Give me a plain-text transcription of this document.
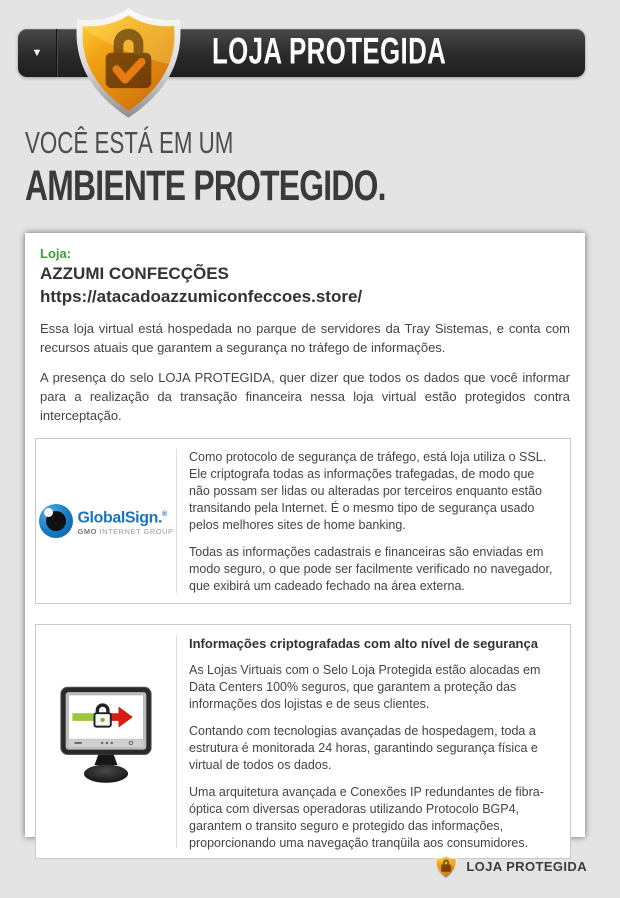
▼	LOJA PROTEGIDA
VOCÊ ESTÁ EM UM
AMBIENTE PROTEGIDO.
Loja:
AZZUMI CONFECÇÕES
https://atacadoazzumiconfeccoes.store/

Essa loja virtual está hospedada no parque de servidores da Tray Sistemas, e conta com recursos atuais que garantem a segurança no tráfego de informações.

A presença do selo LOJA PROTEGIDA, quer dizer que todos os dados que você informar para a realização da transação financeira nessa loja virtual estão protegidos contra interceptação.

GlobalSign.®
GMO INTERNET GROUP

Como protocolo de segurança de tráfego, está loja utiliza o SSL. Ele criptografa todas as informações trafegadas, de modo que não possam ser lidas ou alteradas por terceiros enquanto estão transitando pela Internet. É o mesmo tipo de segurança usado pelos melhores sites de home banking.

Todas as informações cadastrais e financeiras são enviadas em modo seguro, o que pode ser facilmente verificado no navegador, que exibirá um cadeado fechado na área externa.

Informações criptografadas com alto nível de segurança

As Lojas Virtuais com o Selo Loja Protegida estão alocadas em Data Centers 100% seguros, que garantem a proteção das informações dos lojistas e de seus clientes.

Contando com tecnologias avançadas de hospedagem, toda a estrutura é monitorada 24 horas, garantindo segurança física e virtual de todos os dados.

Uma arquitetura avançada e Conexões IP redundantes de fibra-óptica com diversas operadoras utilizando Protocolo BGP4, garantem o transito seguro e protegido das informações, proporcionando uma navegação tranqüila aos consumidores.

LOJA PROTEGIDA
